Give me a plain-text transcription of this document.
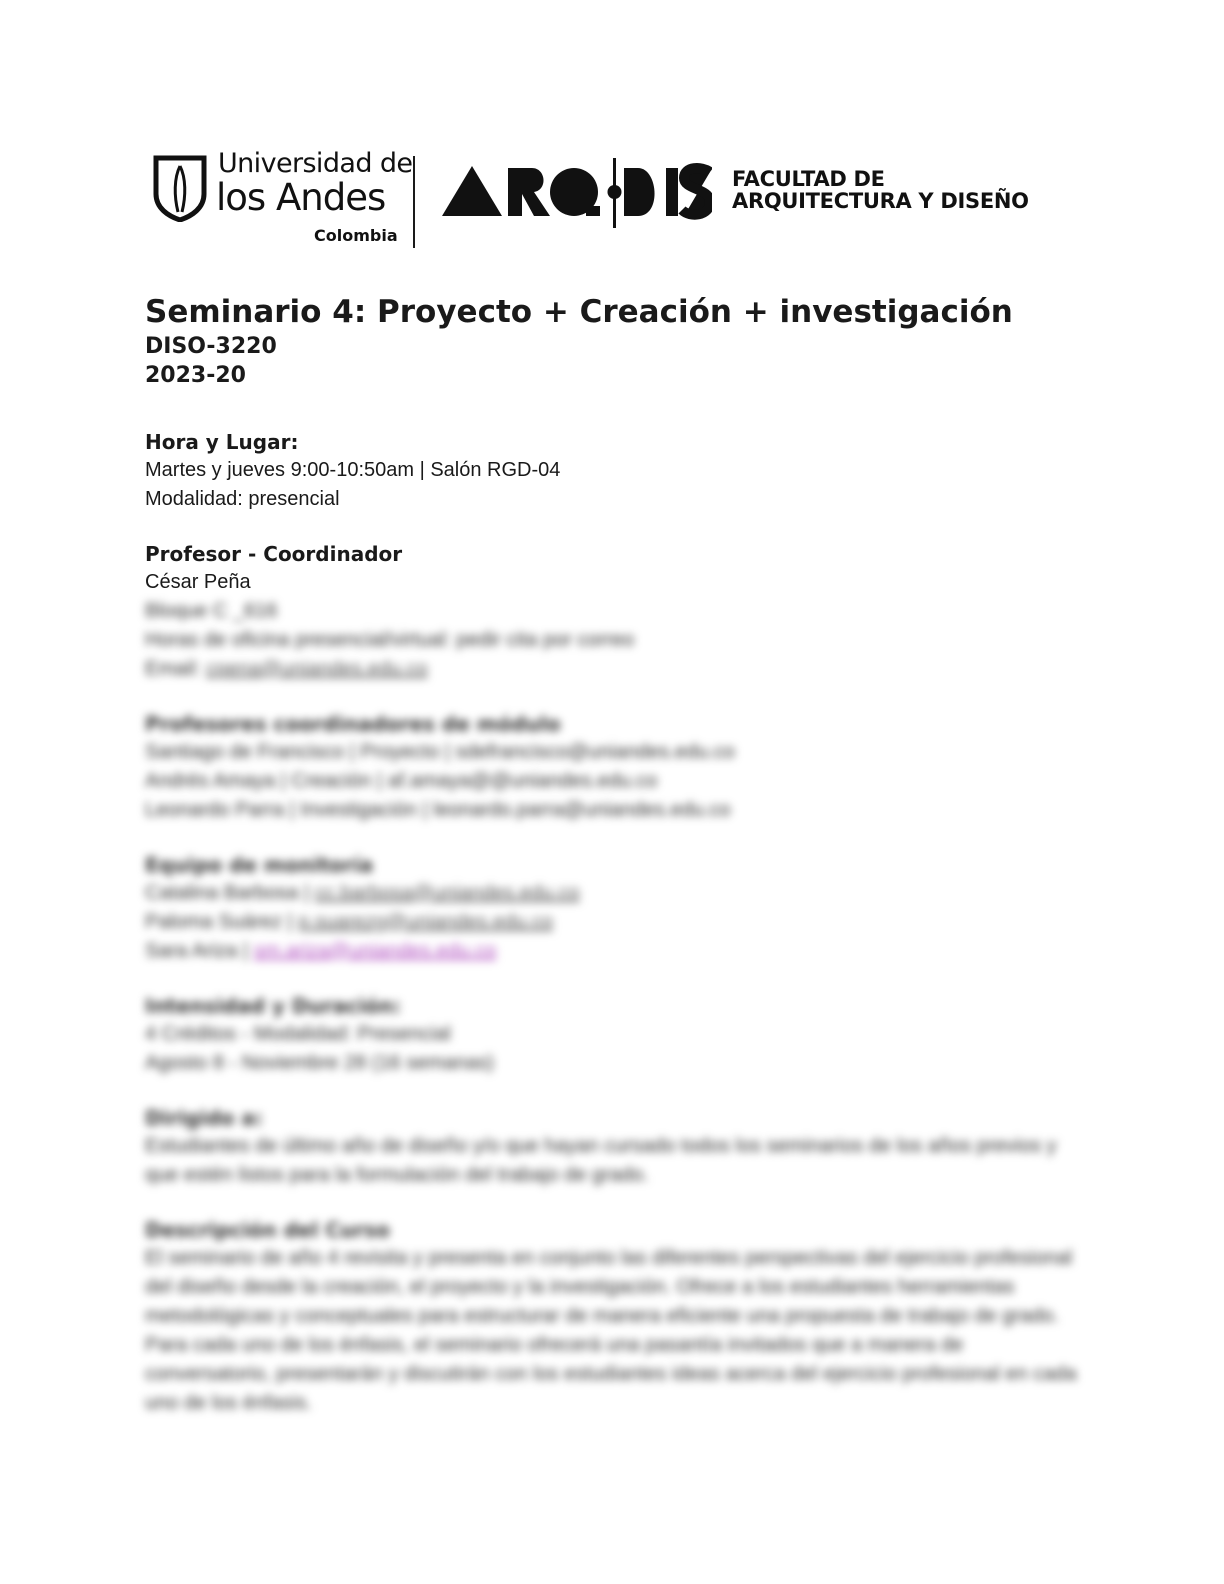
Universidad de
los Andes
Colombia
FACULTAD DE
ARQUITECTURA Y DISEÑO
Seminario 4: Proyecto + Creación + investigación
DISO-3220
2023-20
Hora y Lugar:
Martes y jueves 9:00-10:50am | Salón RGD-04
Modalidad: presencial
Profesor - Coordinador
César Peña
Bloque C _616
Horas de oficina presencial/virtual: pedir cita por correo
Email: cpena@uniandes.edu.co
Profesores coordinadores de módulo
Santiago de Francisco | Proyecto | sdefrancisco@uniandes.edu.co
Andrés Amaya | Creación | af.amaya@@uniandes.edu.co
Leonardo Parra | Investigación | leonardo.parra@uniandes.edu.co
Equipo de monitoría
Catalina Barbosa | cc.barbosa@uniandes.edu.co
Paloma Suárez | p.suarezg@uniandes.edu.co
Sara Ariza | sm.ariza@uniandes.edu.co
Intensidad y Duración:
4 Créditos - Modalidad: Presencial
Agosto 8 - Noviembre 28 (16 semanas)
Dirigido a:

Estudiantes de último año de diseño y/o que hayan cursado todos los seminarios de los años previos y que estén listos para la formulación del trabajo de grado.

Descripción del Curso

El seminario de año 4 revisita y presenta en conjunto las diferentes perspectivas del ejercicio profesional del diseño desde la creación, el proyecto y la investigación. Ofrece a los estudiantes herramientas metodológicas y conceptuales para estructurar de manera eficiente una propuesta de trabajo de grado. Para cada uno de los énfasis, el seminario ofrecerá una pasantía invitados que a manera de conversatorio, presentarán y discutirán con los estudiantes ideas acerca del ejercicio profesional en cada uno de los énfasis.
